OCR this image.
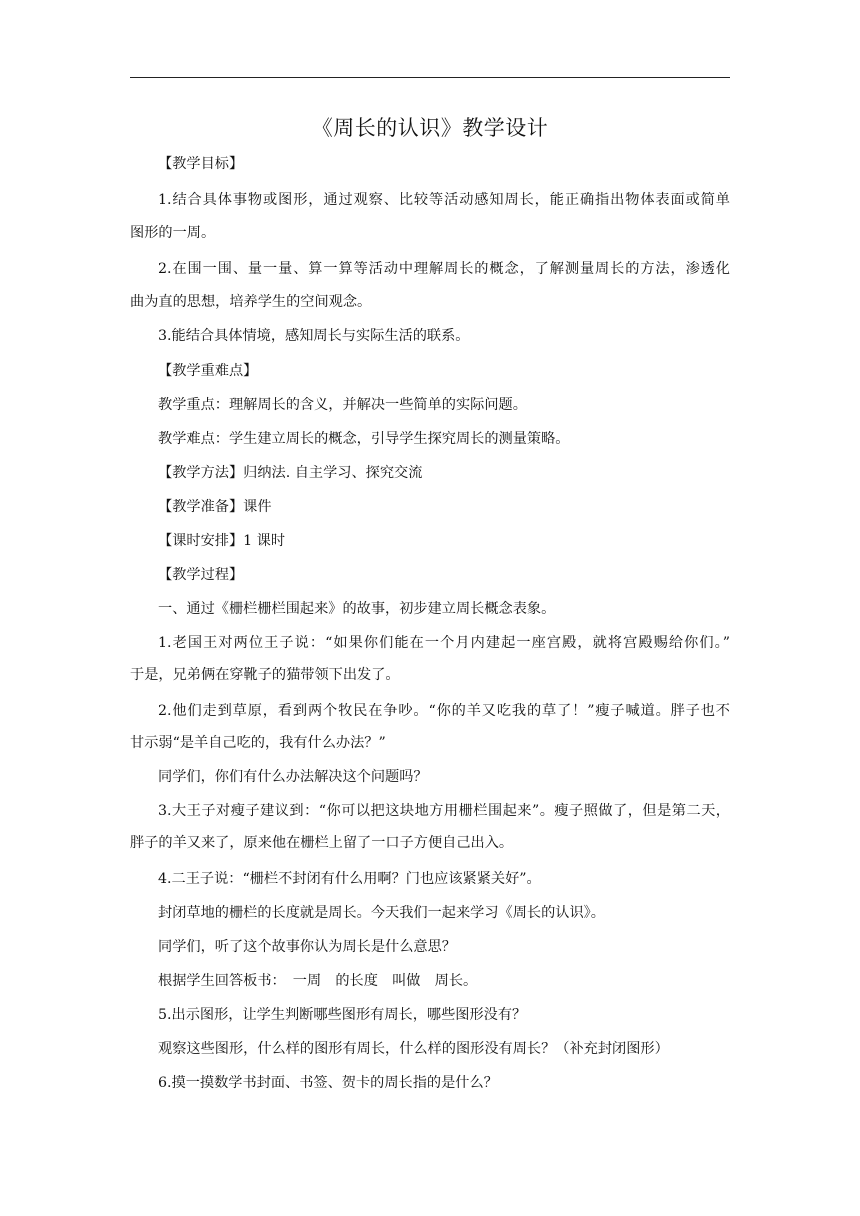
《周长的认识》教学设计
【教学目标】
1.结合具体事物或图形，通过观察、比较等活动感知周长，能正确指出物体表面或简单
图形的一周。
2.在围一围、量一量、算一算等活动中理解周长的概念，了解测量周长的方法，渗透化
曲为直的思想，培养学生的空间观念。
3.能结合具体情境，感知周长与实际生活的联系。
【教学重难点】
教学重点：理解周长的含义，并解决一些简单的实际问题。
教学难点：学生建立周长的概念，引导学生探究周长的测量策略。
【教学方法】归纳法. 自主学习、探究交流
【教学准备】课件
【课时安排】1 课时
【教学过程】
一、通过《栅栏栅栏围起来》的故事，初步建立周长概念表象。
1.老国王对两位王子说：“如果你们能在一个月内建起一座宫殿，就将宫殿赐给你们。”
于是，兄弟俩在穿靴子的猫带领下出发了。
2.他们走到草原，看到两个牧民在争吵。“你的羊又吃我的草了！”瘦子喊道。胖子也不
甘示弱“是羊自己吃的，我有什么办法？”
同学们，你们有什么办法解决这个问题吗？
3.大王子对瘦子建议到：“你可以把这块地方用栅栏围起来”。瘦子照做了，但是第二天，
胖子的羊又来了，原来他在栅栏上留了一口子方便自己出入。
4.二王子说：“栅栏不封闭有什么用啊？门也应该紧紧关好”。
封闭草地的栅栏的长度就是周长。今天我们一起来学习《周长的认识》。
同学们，听了这个故事你认为周长是什么意思？
根据学生回答板书：　一周　的长度　叫做　周长。
5.出示图形，让学生判断哪些图形有周长，哪些图形没有？
观察这些图形，什么样的图形有周长，什么样的图形没有周长？（补充封闭图形）
6.摸一摸数学书封面、书签、贺卡的周长指的是什么？
